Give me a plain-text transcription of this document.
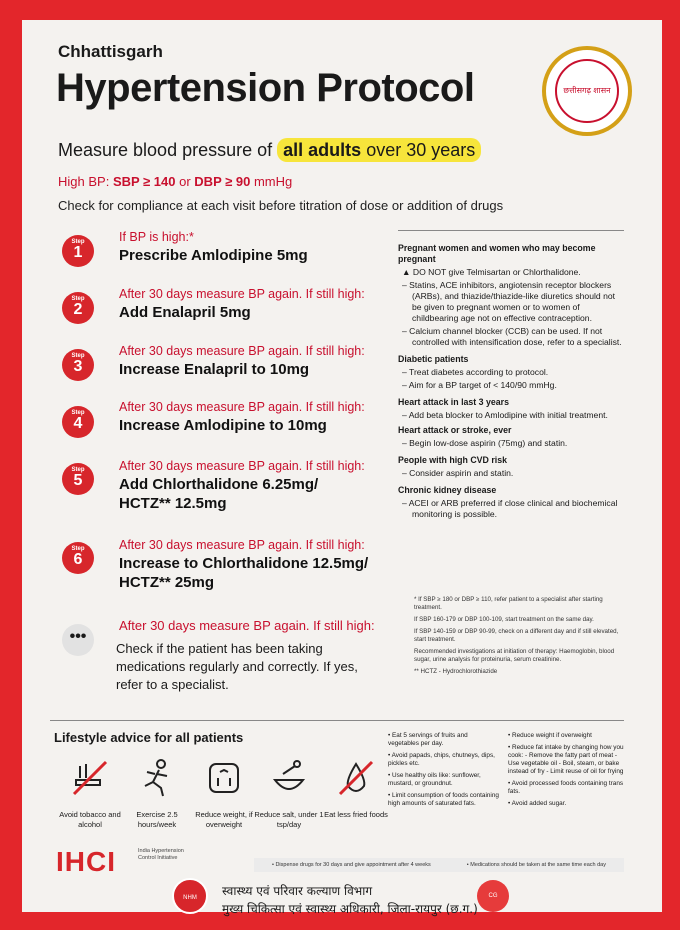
Chhattisgarh
Hypertension Protocol	छत्तीसगढ़ शासन
Measure blood pressure of all adults over 30 years
High BP: SBP ≥ 140 or DBP ≥ 90 mmHg
Check for compliance at each visit before titration of dose or addition of drugs
Step
1
If BP is high:*
Prescribe Amlodipine 5mg
Step
2
After 30 days measure BP again. If still high:
Add Enalapril 5mg
Step
3
After 30 days measure BP again. If still high:
Increase Enalapril to 10mg
Step
4
After 30 days measure BP again. If still high:
Increase Amlodipine to 10mg
Step
5
After 30 days measure BP again. If still high:
Add Chlorthalidone 6.25mg/ HCTZ** 12.5mg
Step
6
After 30 days measure BP again. If still high:
Increase to Chlorthalidone 12.5mg/ HCTZ** 25mg
•••
After 30 days measure BP again. If still high:
Check if the patient has been taking medications regularly and correctly. If yes, refer to a specialist.
Pregnant women and women who may become pregnant

▲ DO NOT give Telmisartan or Chlorthalidone.

– Statins, ACE inhibitors, angiotensin receptor blockers (ARBs), and thiazide/thiazide-like diuretics should not be given to pregnant women or to women of childbearing age not on effective contraception.

– Calcium channel blocker (CCB) can be used. If not controlled with intensification dose, refer to a specialist.

Diabetic patients

– Treat diabetes according to protocol.

– Aim for a BP target of < 140/90 mmHg.

Heart attack in last 3 years

– Add beta blocker to Amlodipine with initial treatment.

Heart attack or stroke, ever

– Begin low-dose aspirin (75mg) and statin.

People with high CVD risk

– Consider aspirin and statin.

Chronic kidney disease

– ACEI or ARB preferred if close clinical and biochemical monitoring is possible.

* If SBP ≥ 180 or DBP ≥ 110, refer patient to a specialist after starting treatment.

If SBP 160-179 or DBP 100-109, start treatment on the same day.

If SBP 140-159 or DBP 90-99, check on a different day and if still elevated, start treatment.

Recommended investigations at initiation of therapy: Haemoglobin, blood sugar, urine analysis for proteinuria, serum creatinine.

** HCTZ - Hydrochlorothiazide

Lifestyle advice for all patients
Avoid tobacco and alcohol
Exercise 2.5 hours/week
Reduce weight, if overweight
Reduce salt, under 1 tsp/day
Eat less fried foods

• Eat 5 servings of fruits and vegetables per day.

• Avoid papads, chips, chutneys, dips, pickles etc.

• Use healthy oils like: sunflower, mustard, or groundnut.

• Limit consumption of foods containing high amounts of saturated fats.

• Reduce weight if overweight

• Reduce fat intake by changing how you cook: - Remove the fatty part of meat - Use vegetable oil - Boil, steam, or bake instead of fry - Limit reuse of oil for frying

• Avoid processed foods containing trans fats.

• Avoid added sugar.

IHCI	India Hypertension Control Initiative
• Dispense drugs for 30 days and give appointment after 4 weeks	• Medications should be taken at the same time each day
NHM	स्वास्थ्य एवं परिवार कल्याण विभाग
मुख्य चिकित्सा एवं स्वास्थ्य अधिकारी, जिला-रायपुर (छ.ग.)
CG
